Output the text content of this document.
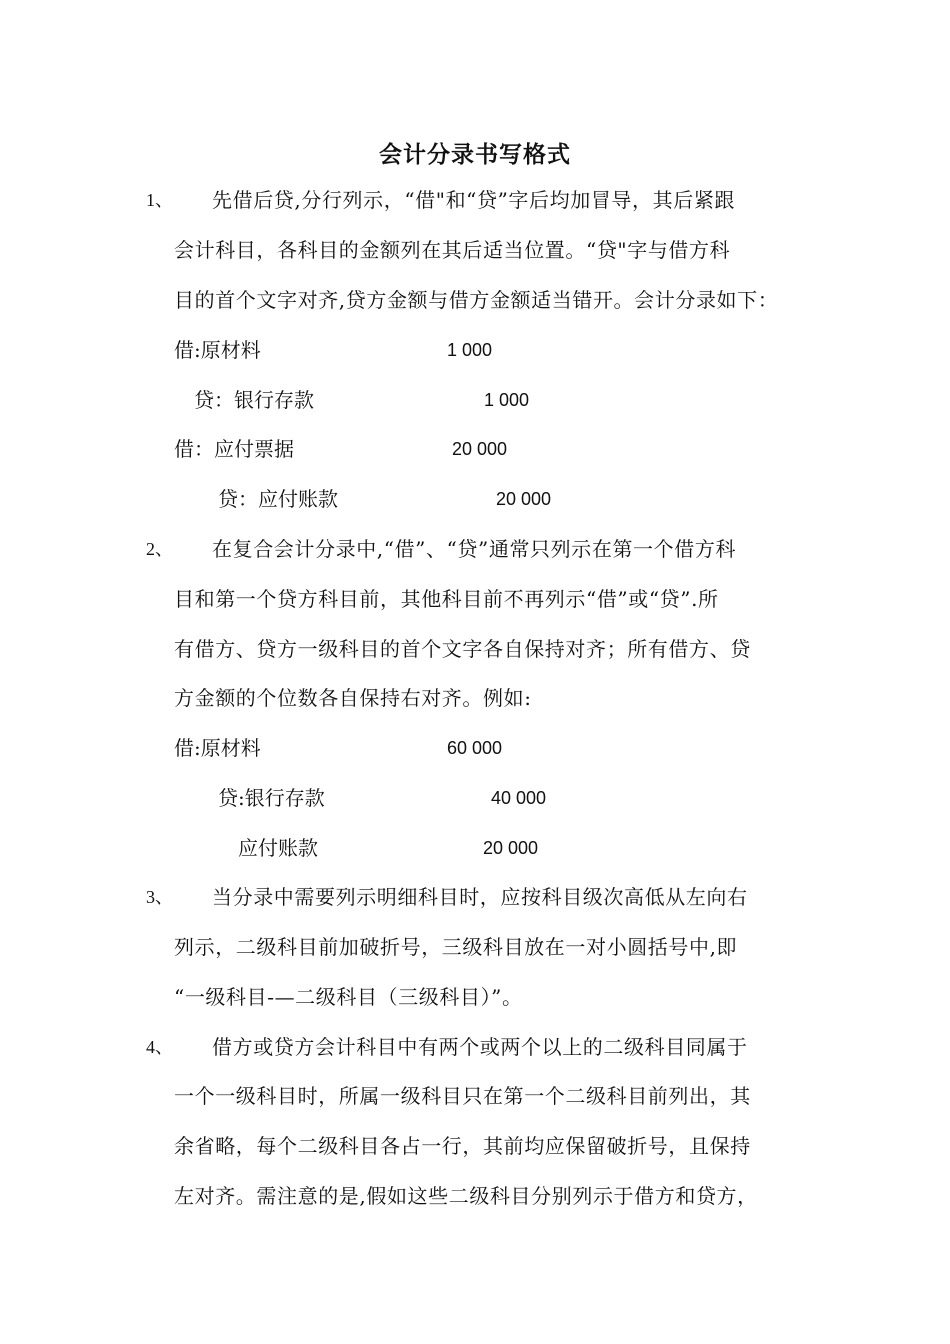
会计分录书写格式
1、 先借后贷,分行列示，“借"和“贷”字后均加冒导，其后紧跟
会计科目，各科目的金额列在其后适当位置。“贷"字与借方科
目的首个文字对齐,贷方金额与借方金额适当错开。会计分录如下：
借:原材料	1 000
贷：银行存款	1 000
借：应付票据	20 000
贷：应付账款	20 000
2、 在复合会计分录中,“借”、“贷”通常只列示在第一个借方科
目和第一个贷方科目前，其他科目前不再列示“借”或“贷”.所
有借方、贷方一级科目的首个文字各自保持对齐；所有借方、贷
方金额的个位数各自保持右对齐。例如:
借:原材料	60 000
贷:银行存款	40 000
应付账款	20 000
3、 当分录中需要列示明细科目时，应按科目级次高低从左向右
列示，二级科目前加破折号，三级科目放在一对小圆括号中,即
“一级科目-—二级科目（三级科目）”。
4、 借方或贷方会计科目中有两个或两个以上的二级科目同属于
一个一级科目时，所属一级科目只在第一个二级科目前列出，其
余省略，每个二级科目各占一行，其前均应保留破折号，且保持
左对齐。需注意的是,假如这些二级科目分别列示于借方和贷方，
